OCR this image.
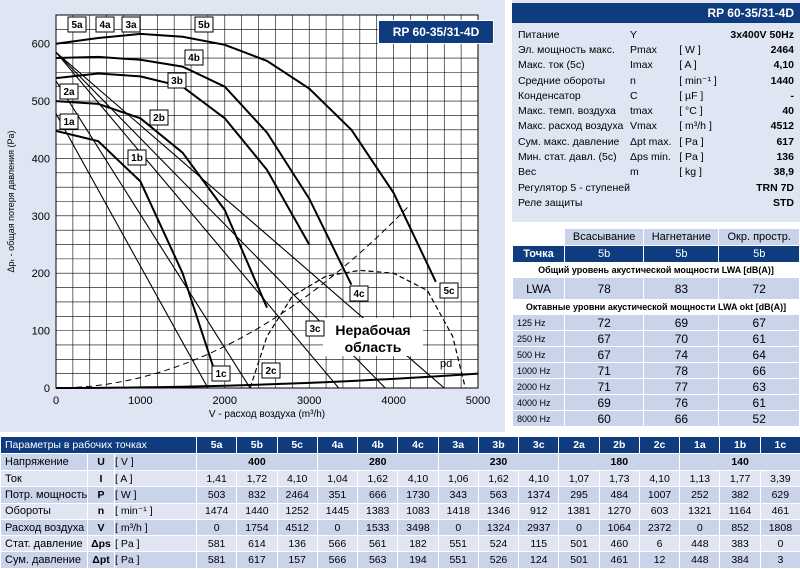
0	1000	2000	3000	4000	5000
0
100
200
300
400
500
600
V - расход воздуха (m³/h)
Δpₜ - общая потеря давления (Pa)
Нерабочая
область
5a 4a 3a	5b
4b
3b
2a
2b
1a
1b
1c	2c
3c
4c	5c
pd
RP 60-35/31-4D
RP 60-35/31-4D
Питание	Y		3x400V 50Hz
Эл. мощность макс.	Pmax	[ W ]	2464
Макс. ток (5c)	Imax	[ A ]	4,10
Средние обороты	n	[ min⁻¹ ]	1440
Конденсатор	C	[ µF ]	-
Макс. темп. воздуха	tmax	[ °C ]	40
Макс. расход воздуха	Vmax	[ m³/h ]	4512
Сум. макс. давление	Δpt max.	[ Pa ]	617
Мин. стат. давл. (5c)	Δps min.	[ Pa ]	136
Вес	m	[ kg ]	38,9
Регулятор 5 - ступеней			TRN 7D
Реле защиты			STD
	Всасывание	Нагнетание	Окр. простр.
Точка	5b	5b	5b
Общий уровень акустической мощности LWA [dB(A)]			
LWA	78	83	72
Октавные уровни акустической мощности LWA okt [dB(A)]			
125 Hz	72	69	67
250 Hz	67	70	61
500 Hz	67	74	64
1000 Hz	71	78	66
2000 Hz	71	77	63
4000 Hz	69	76	61
8000 Hz	60	66	52
Параметры в рабочих точках			5a	5b	5c	4a	4b	4c	3a	3b	3c	2a	2b	2c	1a	1b	1c
Напряжение	U	[ V ]	400			280			230			180			140		
Ток	I	[ A ]	1,41	1,72	4,10	1,04	1,62	4,10	1,06	1,62	4,10	1,07	1,73	4,10	1,13	1,77	3,39
Потр. мощность	P	[ W ]	503	832	2464	351	666	1730	343	563	1374	295	484	1007	252	382	629
Обороты	n	[ min⁻¹ ]	1474	1440	1252	1445	1383	1083	1418	1346	912	1381	1270	603	1321	1164	461
Расход воздуха	V	[ m³/h ]	0	1754	4512	0	1533	3498	0	1324	2937	0	1064	2372	0	852	1808
Стат. давление	Δps	[ Pa ]	581	614	136	566	561	182	551	524	115	501	460	6	448	383	0
Сум. давление	Δpt	[ Pa ]	581	617	157	566	563	194	551	526	124	501	461	12	448	384	3
